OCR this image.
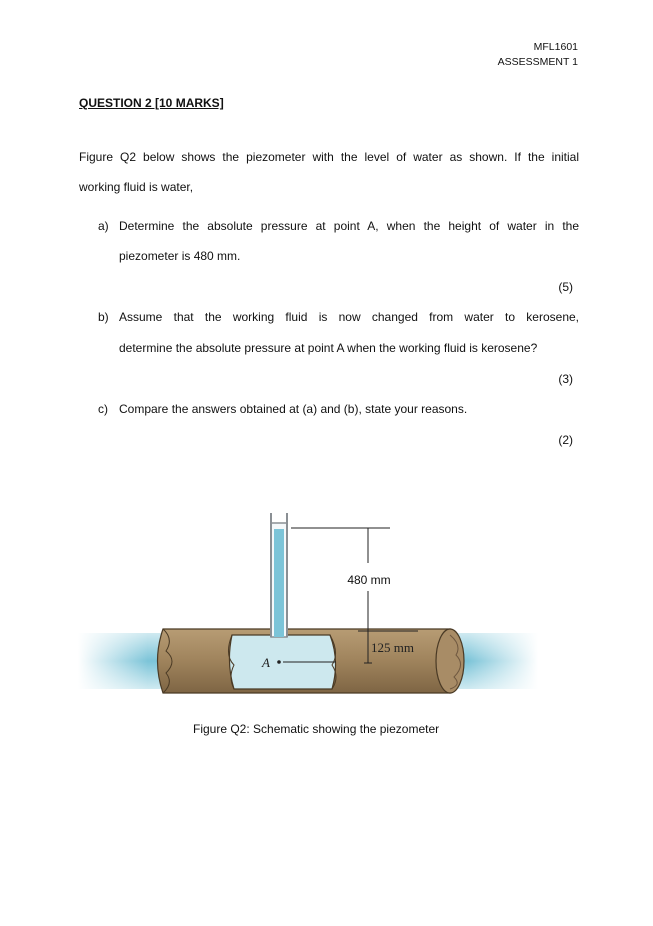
MFL1601
ASSESSMENT 1
QUESTION 2 [10 MARKS]
Figure Q2 below shows the piezometer with the level of water as shown. If the initial
working fluid is water,
a) Determine the absolute pressure at point A, when the height of water in the
piezometer is 480 mm.
(5)
b) Assume that the working fluid is now changed from water to kerosene,
determine the absolute pressure at point A when the working fluid is kerosene?
(3)
c) Compare the answers obtained at (a) and (b), state your reasons.
(2)
480 mm
125 mm
A
Figure Q2: Schematic showing the piezometer
